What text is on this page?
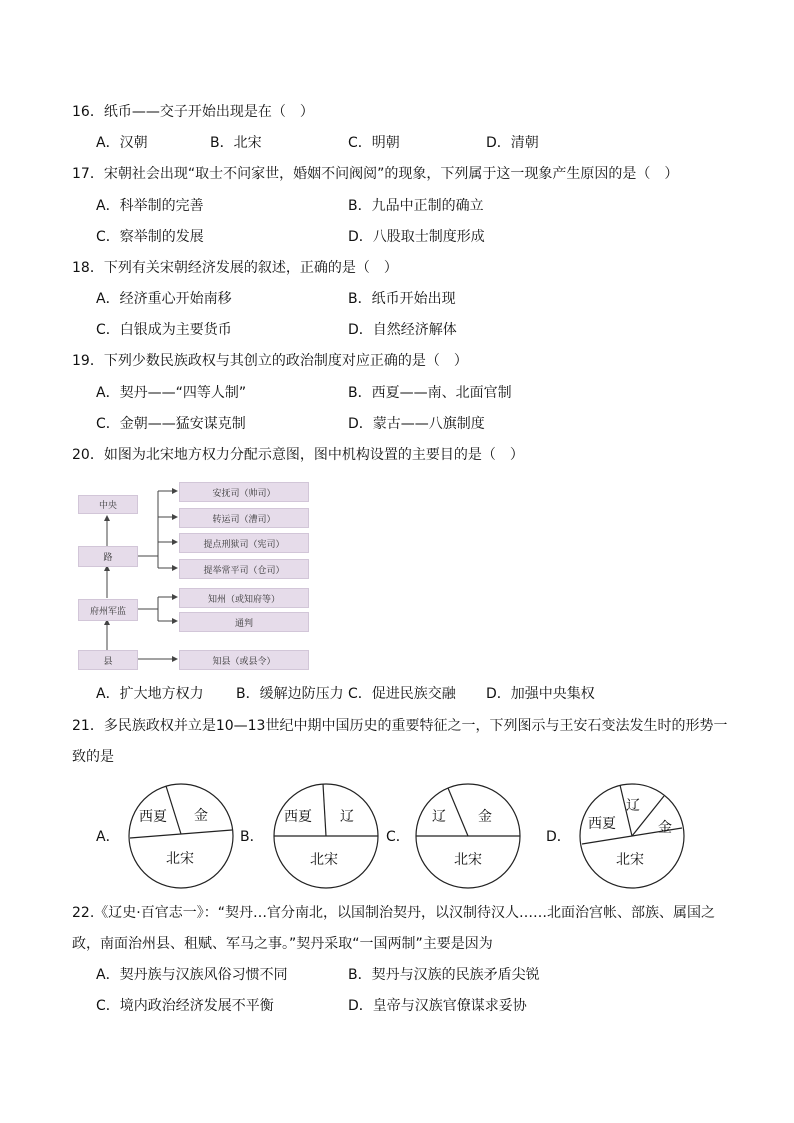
16．纸币——交子开始出现是在（　）
A．汉朝	B．北宋	C．明朝	D．清朝
17．宋朝社会出现“取士不问家世，婚姻不问阀阅”的现象，下列属于这一现象产生原因的是（　）
A．科举制的完善	B．九品中正制的确立
C．察举制的发展	D．八股取士制度形成
18．下列有关宋朝经济发展的叙述，正确的是（　）
A．经济重心开始南移	B．纸币开始出现
C．白银成为主要货币	D．自然经济解体
19．下列少数民族政权与其创立的政治制度对应正确的是（　）
A．契丹——“四等人制”	B．西夏——南、北面官制
C．金朝——猛安谋克制	D．蒙古——八旗制度
20．如图为北宋地方权力分配示意图，图中机构设置的主要目的是（　）
中央
路
府州军监
县
安抚司（帅司）
转运司（漕司）
提点刑狱司（宪司）
提举常平司（仓司）
知州（或知府等）
通判
知县（或县令）
A．扩大地方权力 B．缓解边防压力 C．促进民族交融 D．加强中央集权
21．多民族政权并立是10—13世纪中期中国历史的重要特征之一，下列图示与王安石变法发生时的形势一
致的是
A．
西夏 金
北宋
B．
西夏 辽
北宋
C．
辽 金
北宋
D．
西夏
辽
金
北宋
22.《辽史·百官志一》：“契丹…官分南北，以国制治契丹，以汉制待汉人……北面治宫帐、部族、属国之
政，南面治州县、租赋、军马之事。”契丹采取“一国两制”主要是因为
A．契丹族与汉族风俗习惯不同	B．契丹与汉族的民族矛盾尖锐
C．境内政治经济发展不平衡	D．皇帝与汉族官僚谋求妥协
